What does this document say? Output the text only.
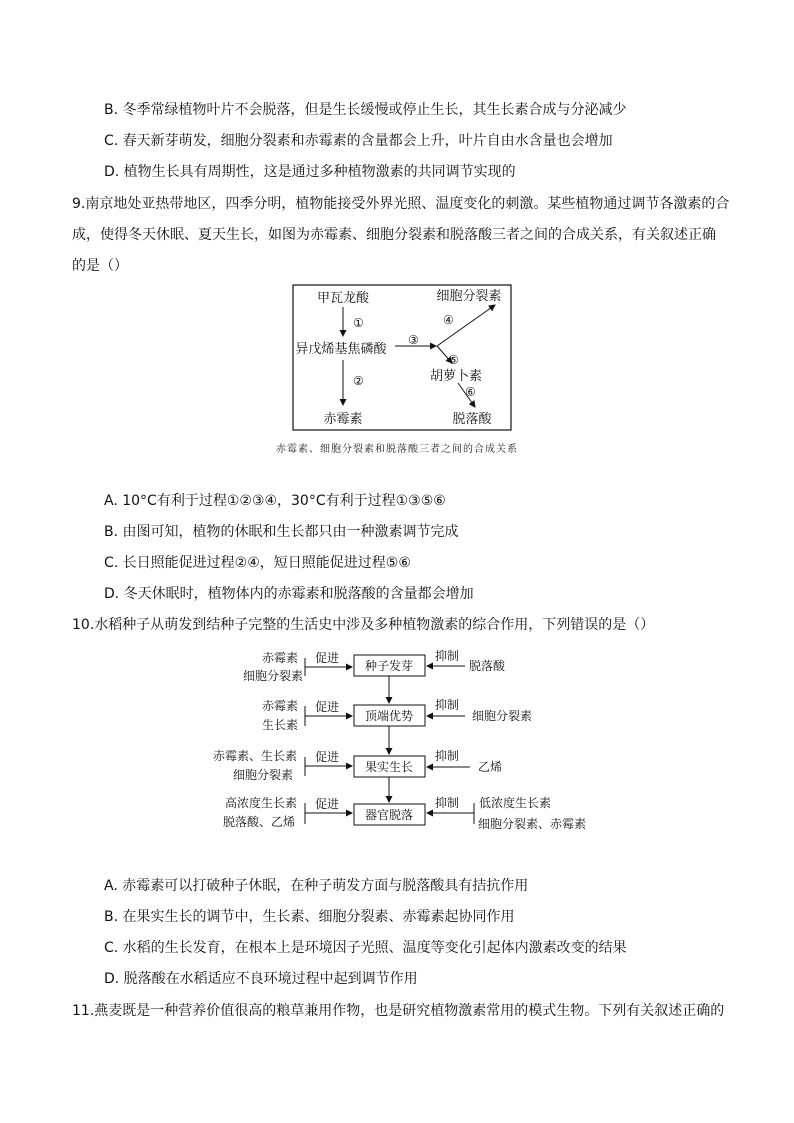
B. 冬季常绿植物叶片不会脱落，但是生长缓慢或停止生长，其生长素合成与分泌减少
C. 春天新芽萌发，细胞分裂素和赤霉素的含量都会上升，叶片自由水含量也会增加
D. 植物生长具有周期性，这是通过多种植物激素的共同调节实现的
9.南京地处亚热带地区，四季分明，植物能接受外界光照、温度变化的刺激。某些植物通过调节各激素的合
成，使得冬天休眠、夏天生长，如图为赤霉素、细胞分裂素和脱落酸三者之间的合成关系，有关叙述正确
的是（）
甲瓦龙酸
异戊烯基焦磷酸
赤霉素
细胞分裂素
胡萝卜素
脱落酸
①
②
③
④
⑤
⑥
赤霉素、细胞分裂素和脱落酸三者之间的合成关系
A. 10°C有利于过程①②③④，30°C有利于过程①③⑤⑥
B. 由图可知，植物的休眠和生长都只由一种激素调节完成
C. 长日照能促进过程②④，短日照能促进过程⑤⑥
D. 冬天休眠时，植物体内的赤霉素和脱落酸的含量都会增加
10.水稻种子从萌发到结种子完整的生活史中涉及多种植物激素的综合作用，下列错误的是（）
种子发芽
顶端优势
果实生长
器官脱落
赤霉素
细胞分裂素
促进
脱落酸
抑制
赤霉素
生长素
促进
细胞分裂素
抑制
赤霉素、生长素
细胞分裂素
促进
乙烯
抑制
高浓度生长素
脱落酸、乙烯
促进	低浓度生长素
细胞分裂素、赤霉素
抑制
A. 赤霉素可以打破种子休眠，在种子萌发方面与脱落酸具有拮抗作用
B. 在果实生长的调节中，生长素、细胞分裂素、赤霉素起协同作用
C. 水稻的生长发育，在根本上是环境因子光照、温度等变化引起体内激素改变的结果
D. 脱落酸在水稻适应不良环境过程中起到调节作用
11.燕麦既是一种营养价值很高的粮草兼用作物，也是研究植物激素常用的模式生物。下列有关叙述正确的
